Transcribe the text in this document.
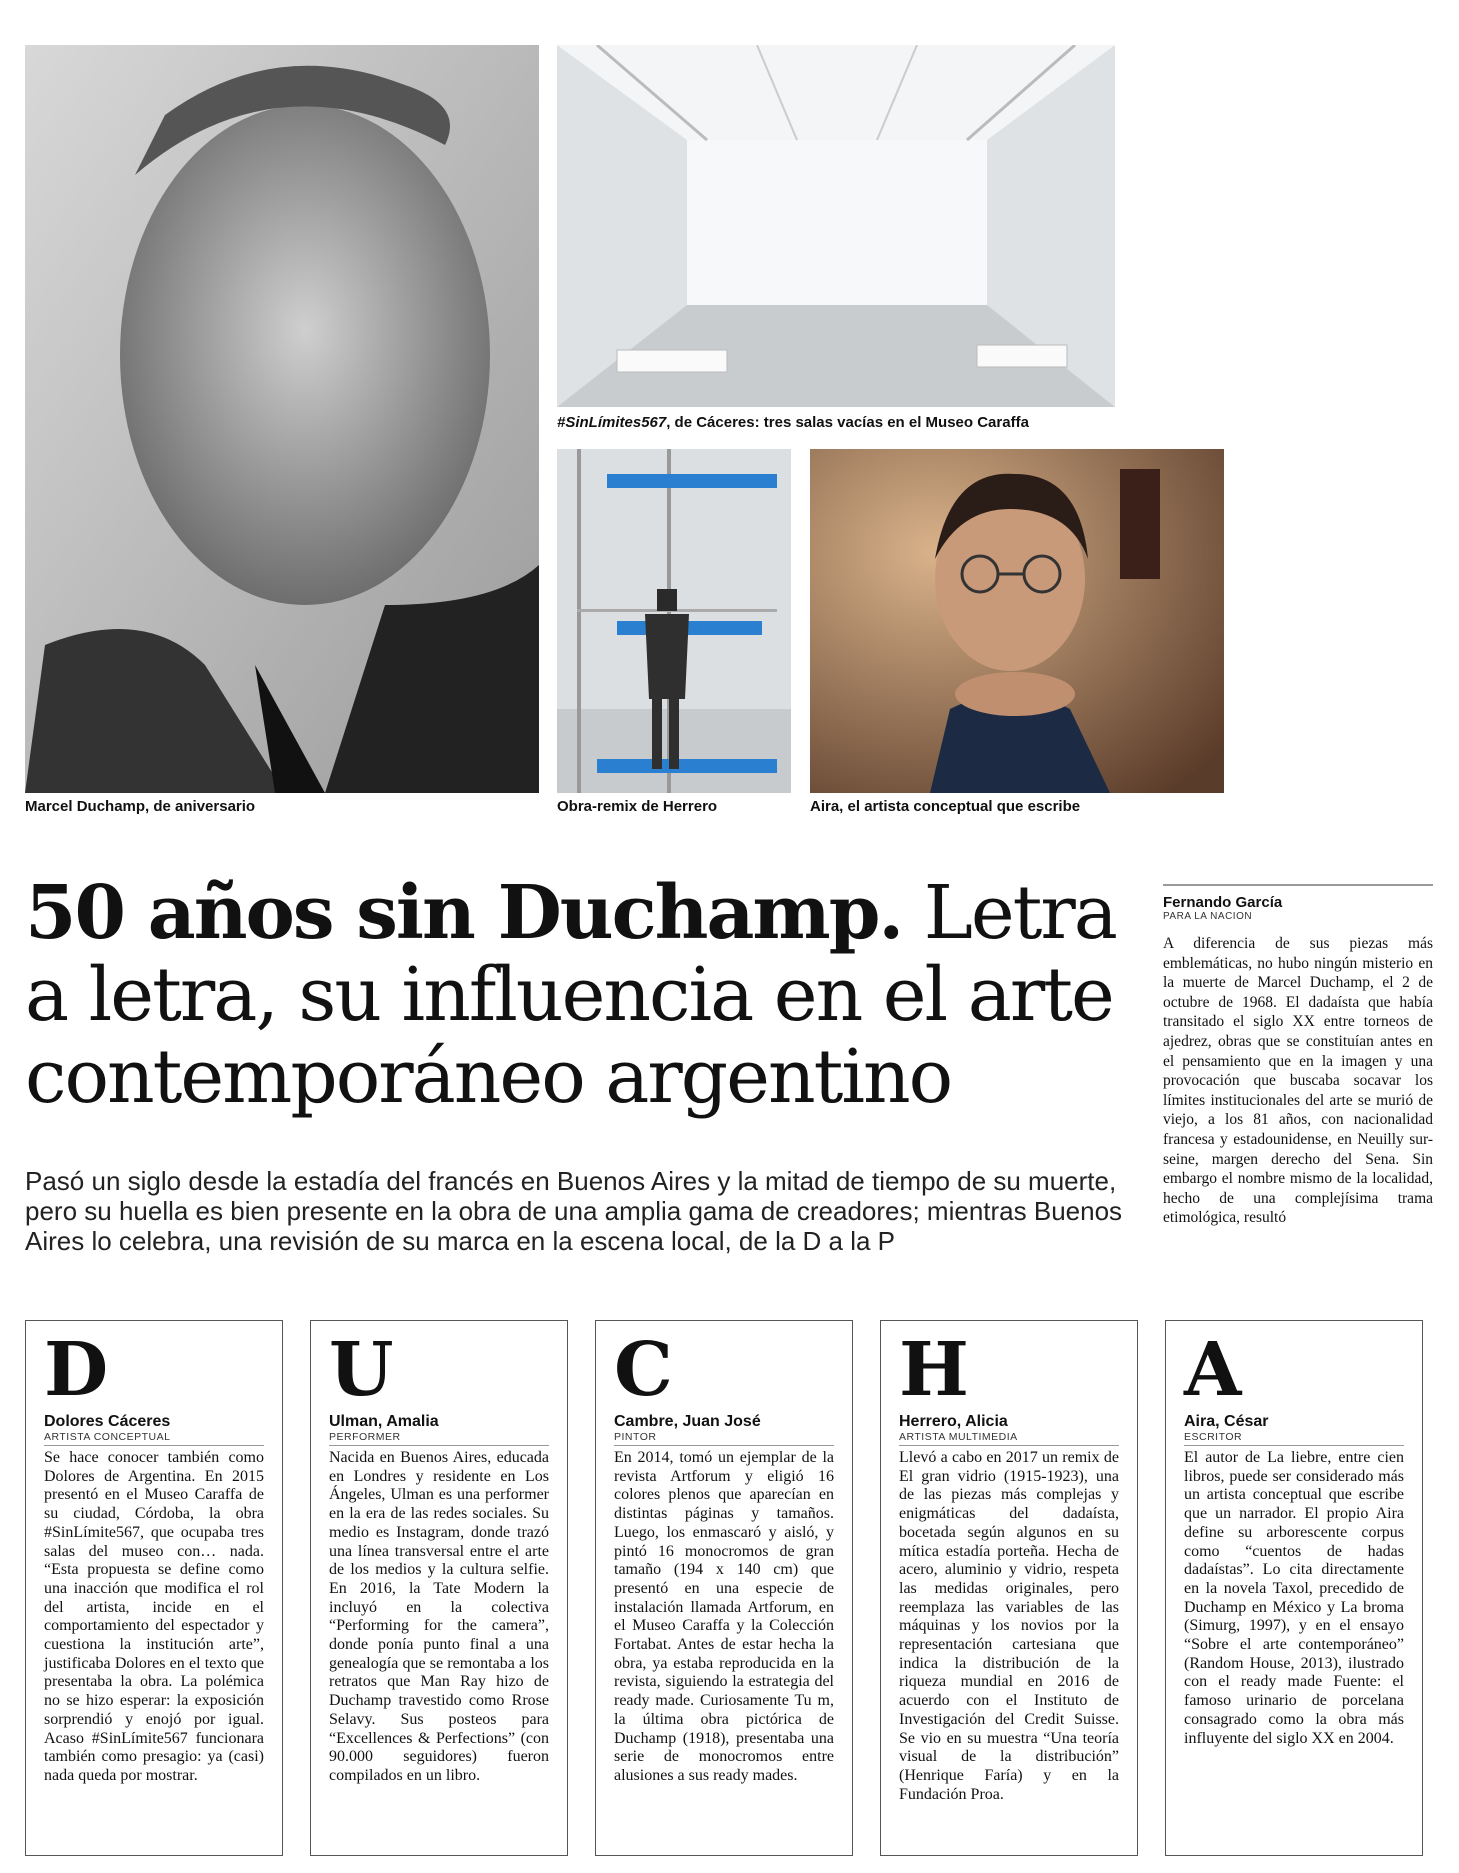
Marcel Duchamp, de aniversario
#SinLímites567, de Cáceres: tres salas vacías en el Museo Caraffa
Obra-remix de Herrero	Aira, el artista conceptual que escribe
50 años sin Duchamp. Letra a letra, su influencia en el arte contemporáneo argentino
Pasó un siglo desde la estadía del francés en Buenos Aires y la mitad de tiempo de su muerte, pero su huella es bien presente en la obra de una amplia gama de creadores; mientras Buenos Aires lo celebra, una revisión de su marca en la escena local, de la D a la P
Fernando García
PARA LA NACION
A diferencia de sus piezas más emblemáticas, no hubo ningún misterio en la muerte de Marcel Duchamp, el 2 de octubre de 1968. El dadaísta que había transitado el siglo XX entre torneos de ajedrez, obras que se constituían antes en el pensamiento que en la imagen y una provocación que buscaba socavar los límites institucionales del arte se murió de viejo, a los 81 años, con nacionalidad francesa y estadounidense, en Neuilly sur-seine, margen derecho del Sena. Sin embargo el nombre mismo de la localidad, hecho de una complejísima trama etimológica, resultó
D
Dolores Cáceres
ARTISTA CONCEPTUAL
Se hace conocer también como Dolores de Argentina. En 2015 presentó en el Museo Caraffa de su ciudad, Córdoba, la obra #SinLímite567, que ocupaba tres salas del museo con… nada. “Esta propuesta se define como una inacción que modifica el rol del artista, incide en el comportamiento del espectador y cuestiona la institución arte”, justificaba Dolores en el texto que presentaba la obra. La polémica no se hizo esperar: la exposición sorprendió y enojó por igual. Acaso #SinLímite567 funcionara también como presagio: ya (casi) nada queda por mostrar.
U
Ulman, Amalia
PERFORMER
Nacida en Buenos Aires, educada en Londres y residente en Los Ángeles, Ulman es una performer en la era de las redes sociales. Su medio es Instagram, donde trazó una línea transversal entre el arte de los medios y la cultura selfie. En 2016, la Tate Modern la incluyó en la colectiva “Performing for the camera”, donde ponía punto final a una genealogía que se remontaba a los retratos que Man Ray hizo de Duchamp travestido como Rrose Selavy. Sus posteos para “Excellences & Perfections” (con 90.000 seguidores) fueron compilados en un libro.
C
Cambre, Juan José
PINTOR
En 2014, tomó un ejemplar de la revista Artforum y eligió 16 colores plenos que aparecían en distintas páginas y tamaños. Luego, los enmascaró y aisló, y pintó 16 monocromos de gran tamaño (194 x 140 cm) que presentó en una especie de instalación llamada Artforum, en el Museo Caraffa y la Colección Fortabat. Antes de estar hecha la obra, ya estaba reproducida en la revista, siguiendo la estrategia del ready made. Curiosamente Tu m, la última obra pictórica de Duchamp (1918), presentaba una serie de monocromos entre alusiones a sus ready mades.
H
Herrero, Alicia
ARTISTA MULTIMEDIA
Llevó a cabo en 2017 un remix de El gran vidrio (1915-1923), una de las piezas más complejas y enigmáticas del dadaísta, bocetada según algunos en su mítica estadía porteña. Hecha de acero, aluminio y vidrio, respeta las medidas originales, pero reemplaza las variables de las máquinas y los novios por la representación cartesiana que indica la distribución de la riqueza mundial en 2016 de acuerdo con el Instituto de Investigación del Credit Suisse. Se vio en su muestra “Una teoría visual de la distribución” (Henrique Faría) y en la Fundación Proa.
A
Aira, César
ESCRITOR
El autor de La liebre, entre cien libros, puede ser considerado más un artista conceptual que escribe que un narrador. El propio Aira define su arborescente corpus como “cuentos de hadas dadaístas”. Lo cita directamente en la novela Taxol, precedido de Duchamp en México y La broma (Simurg, 1997), y en el ensayo “Sobre el arte contemporáneo” (Random House, 2013), ilustrado con el ready made Fuente: el famoso urinario de porcelana consagrado como la obra más influyente del siglo XX en 2004.
